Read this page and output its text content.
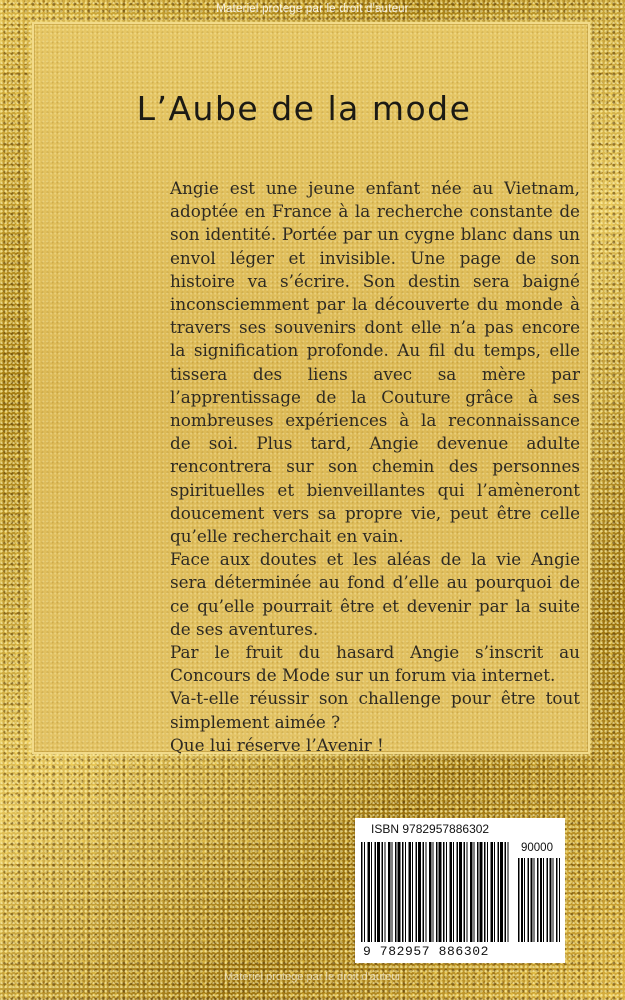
Materiel protege par le droit d'auteur
L’Aube de la mode

Angie est une jeune enfant née au Vietnam, adoptée en France à la recherche constante de son identité. Portée par un cygne blanc dans un envol léger et invisible. Une page de son histoire va s’écrire. Son destin sera baigné inconsciemment par la découverte du monde à travers ses souvenirs dont elle n’a pas encore la signification profonde. Au fil du temps, elle tissera des liens avec sa mère par l’apprentissage de la Couture grâce à ses nombreuses expériences à la reconnaissance de soi. Plus tard, Angie devenue adulte rencontrera sur son chemin des personnes spirituelles et bienveillantes qui l’amèneront doucement vers sa propre vie, peut être celle qu’elle recherchait en vain.

Face aux doutes et les aléas de la vie Angie sera déterminée au fond d’elle au pourquoi de ce qu’elle pourrait être et devenir par la suite de ses aventures.

Par le fruit du hasard Angie s’inscrit au Concours de Mode sur un forum via internet.

Va-t-elle réussir son challenge pour être tout simplement aimée ?

Que lui réserve l’Avenir !

ISBN 9782957886302
90000
9 782957 886302
Materiel protege par le droit d'auteur
